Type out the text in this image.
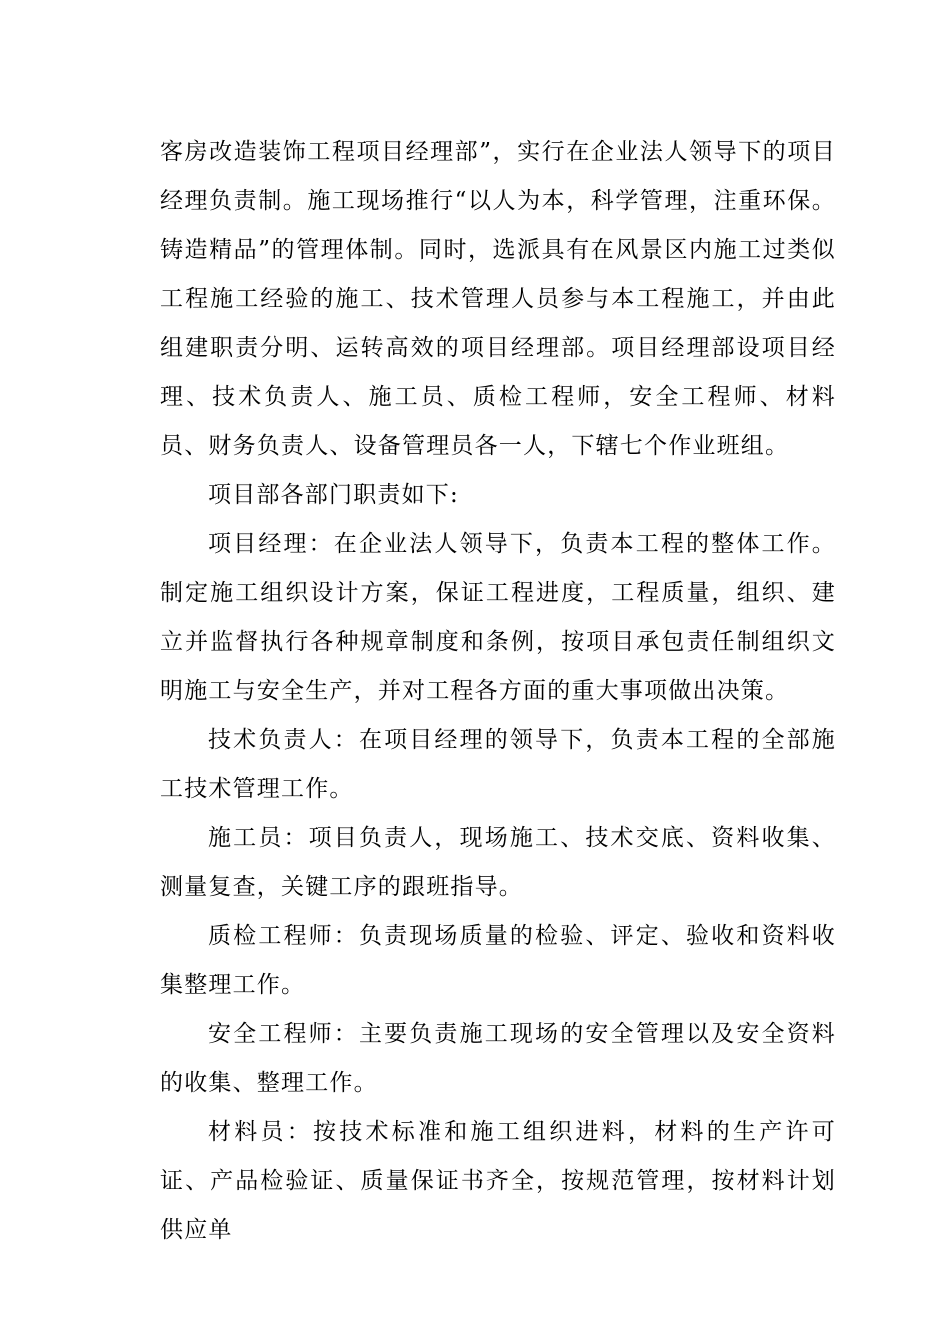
客房改造装饰工程项目经理部”，实行在企业法人领导下的项目经理负责制。施工现场推行“以人为本，科学管理，注重环保。铸造精品”的管理体制。同时，选派具有在风景区内施工过类似工程施工经验的施工、技术管理人员参与本工程施工，并由此组建职责分明、运转高效的项目经理部。项目经理部设项目经理、技术负责人、施工员、质检工程师，安全工程师、材料员、财务负责人、设备管理员各一人，下辖七个作业班组。

项目部各部门职责如下:

项目经理：在企业法人领导下，负责本工程的整体工作。制定施工组织设计方案，保证工程进度，工程质量，组织、建立并监督执行各种规章制度和条例，按项目承包责任制组织文明施工与安全生产，并对工程各方面的重大事项做出决策。

技术负责人：在项目经理的领导下，负责本工程的全部施工技术管理工作。

施工员：项目负责人，现场施工、技术交底、资料收集、测量复查，关键工序的跟班指导。

质检工程师：负责现场质量的检验、评定、验收和资料收集整理工作。

安全工程师：主要负责施工现场的安全管理以及安全资料的收集、整理工作。

材料员：按技术标准和施工组织进料，材料的生产许可证、产品检验证、质量保证书齐全，按规范管理，按材料计划供应单
